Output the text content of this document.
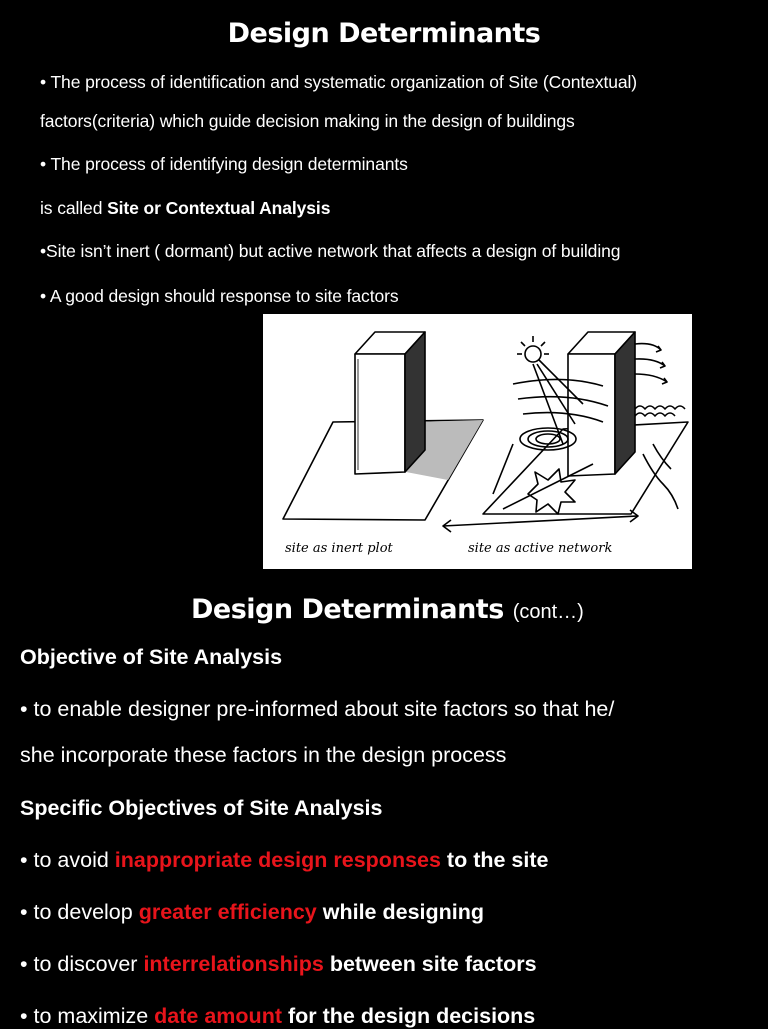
Design Determinants
• The process of identification and systematic organization of Site (Contextual)
factors(criteria) which guide decision making in the design of buildings
• The process of identifying design determinants
is called Site or Contextual Analysis
•Site isn’t inert ( dormant) but active network that affects a design of building
• A good design should response to site factors
site as inert plot	site as active network
Design Determinants (cont…)
Objective of Site Analysis
• to enable designer pre-informed about site factors so that he/
she incorporate these factors in the design process
Specific Objectives of Site Analysis
• to avoid inappropriate design responses to the site
• to develop greater efficiency while designing
• to discover interrelationships between site factors
• to maximize date amount for the design decisions
